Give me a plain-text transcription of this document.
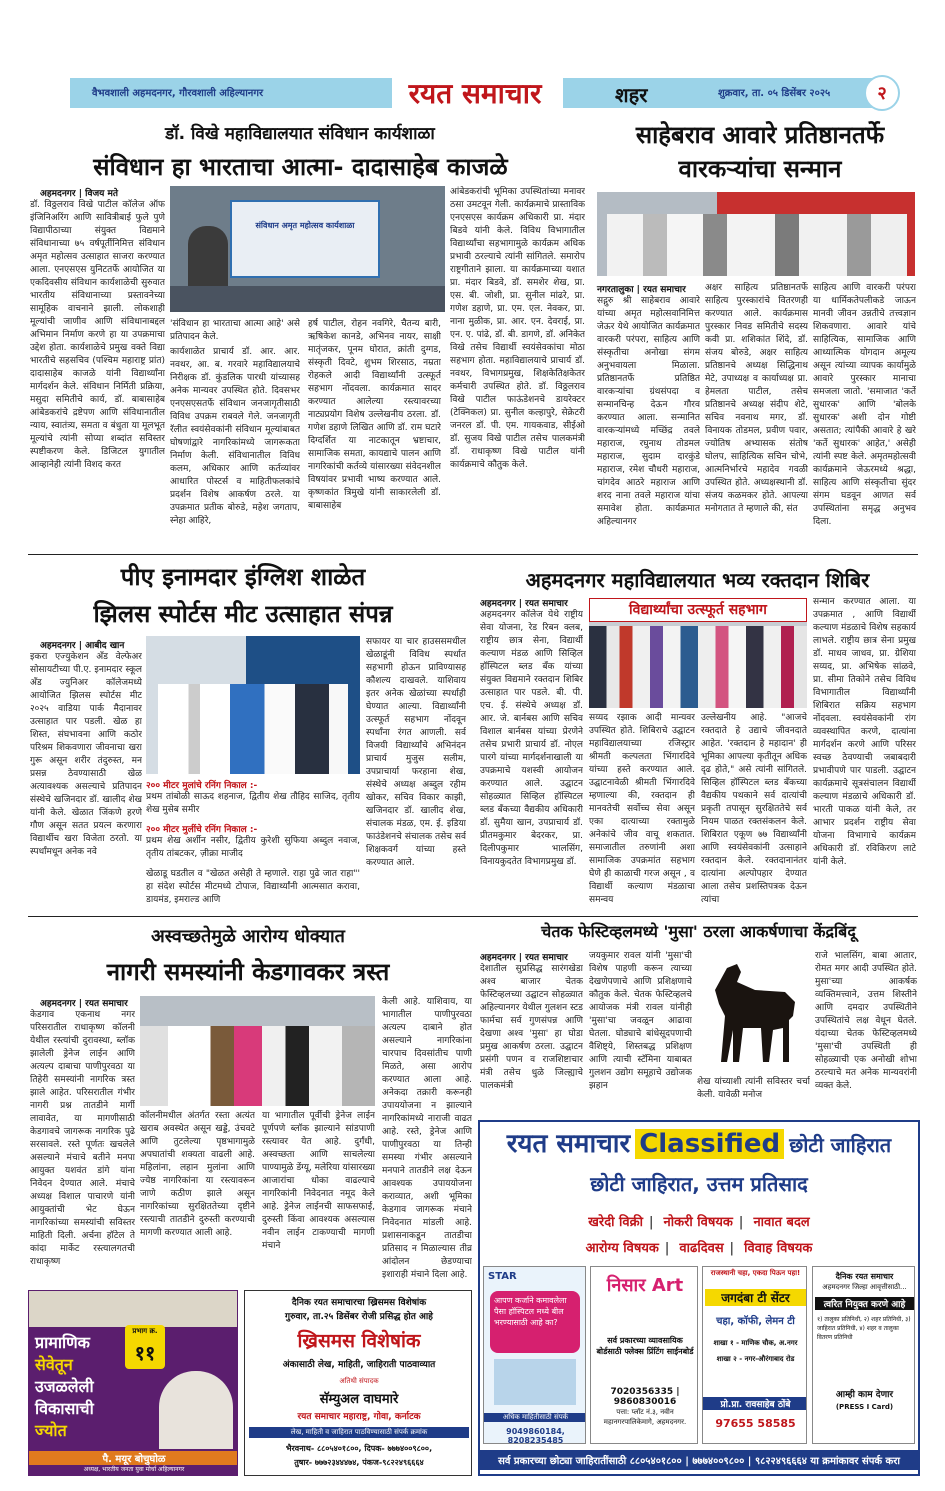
वैभवशाली अहमदनगर, गौरवशाली अहिल्यानगर	रयत समाचार	शहर	शुक्रवार, ता. ०५ डिसेंबर २०२५	२
डॉ. विखे महाविद्यालयात संविधान कार्यशाळा
संविधान हा भारताचा आत्मा- दादासाहेब काजळे
अहमदनगर | विजय मते
डॉ. विठ्ठलराव विखे पाटील कॉलेज ऑफ इंजिनिअरिंग आणि सावित्रीबाई फुले पुणे विद्यापीठाच्या संयुक्त विद्यमाने संविधानाच्या ७५ वर्षपूर्तीनिमित्त संविधान अमृत महोत्सव उत्साहात साजरा करण्यात आला. एनएसएस युनिटतर्फे आयोजित या एकदिवसीय संविधान कार्यशाळेची सुरुवात भारतीय संविधानाच्या प्रस्तावनेच्या सामूहिक वाचनाने झाली. लोकशाही मूल्यांची जाणीव आणि संविधानाबद्दल अभिमान निर्माण करणे हा या उपक्रमाचा उद्देश होता. कार्यशाळेचे प्रमुख वक्ते विद्या भारतीचे सहसचिव (पश्चिम महाराष्ट्र प्रांत) दादासाहेब काजळे यांनी विद्यार्थ्यांना मार्गदर्शन केले. संविधान निर्मिती प्रक्रिया, मसुदा समितीचे कार्य, डॉ. बाबासाहेब आंबेडकरांचे द्रष्टेपण आणि संविधानातील न्याय, स्वातंत्र्य, समता व बंधुता या मूलभूत मूल्यांचे त्यांनी सोप्या शब्दांत सविस्तर स्पष्टीकरण केले. डिजिटल युगातील आव्हानेही त्यांनी विशद करत
संविधान अमृत महोत्सव कार्यशाळा
'संविधान हा भारताचा आत्मा आहे' असे प्रतिपादन केले.
कार्यशाळेत प्राचार्य डॉ. आर. आर. नवथर, आ. ब. गरवारे महाविद्यालयाचे निरीक्षक डॉ. कुंडलिक पारधी यांच्यासह अनेक मान्यवर उपस्थित होते. दिवसभर एनएसएसतर्फे संविधान जनजागृतीसाठी विविध उपक्रम राबवले गेले. जनजागृती रॅलीत स्वयंसेवकांनी संविधान मूल्यांबाबत घोषणांद्वारे नागरिकांमध्ये जागरूकता निर्माण केली. संविधानातील विविध कलम, अधिकार आणि कर्तव्यांवर आधारित पोस्टर्स व माहितीफलकांचे प्रदर्शन विशेष आकर्षण ठरले. या उपक्रमात प्रतीक बोरुडे, महेश जगताप, स्नेहा आहिरे,
हर्ष पाटील, रोहन नवगिरे, चैतन्य बारी, ऋषिकेश कानडे, अभिनव नायर, साक्षी मातृंजकर, पूनम घोरात, क्रांती दुग्गड, संस्कृती दिवटे, शुभम शिरसाठ, नम्रता रोहकले आदी विद्यार्थ्यांनी उत्स्फूर्त सहभाग नोंदवला. कार्यक्रमात सादर करण्यात आलेल्या रस्त्यावरच्या नाट्यप्रयोग विशेष उल्लेखनीय ठरला. डॉ. गणेश डहाणे लिखित आणि डॉ. राम घटारे दिग्दर्शित या नाटकातून भ्रष्टाचार, सामाजिक समता, कायद्याचे पालन आणि नागरिकांची कर्तव्ये यांसारख्या संवेदनशील विषयांवर प्रभावी भाष्य करण्यात आले. कृष्णकांत त्रिमुखे यांनी साकारलेली डॉ. बाबासाहेब
आंबेडकरांची भूमिका उपस्थितांच्या मनावर ठसा उमटवून गेली. कार्यक्रमाचे प्रास्ताविक एनएसएस कार्यक्रम अधिकारी प्रा. मंदार बिडवे यांनी केले. विविध विभागातील विद्यार्थ्यांचा सहभागामुळे कार्यक्रम अधिक प्रभावी ठरल्याचे त्यांनी सांगितले. समारोप राष्ट्रगीताने झाला. या कार्यक्रमाच्या यशात प्रा. मंदार बिडवे, डॉ. समशेर शेख, प्रा. एस. बी. जोशी, प्रा. सुनील मांढरे, प्रा. गणेश डहाणे, प्रा. एम. एल. नेवकर, प्रा. नाना मुळीक, प्रा. आर. एन. देवराई, प्रा. एन. ए. पांढे, डॉ. बी. डागणे, डॉ. अनिकेत विखे तसेच विद्यार्थी स्वयंसेवकांचा मोठा सहभाग होता. महाविद्यालयाचे प्राचार्य डॉ. नवथर, विभागप्रमुख, शिक्षकेतिक्षकेतर कर्मचारी उपस्थित होते. डॉ. विठ्ठलराव विखे पाटील फाऊंडेशनचे डायरेक्टर (टेक्निकल) प्रा. सुनील कल्हापुरे, सेक्रेटरी जनरल डॉ. पी. एम. गायकवाड, सीईओ डॉ. सुजय विखे पाटील तसेच पालकमंत्री डॉ. राधाकृष्ण विखे पाटील यांनी कार्यक्रमाचे कौतुक केले.
साहेबराव आवारे प्रतिष्ठानतर्फे
वारकऱ्यांचा सन्मान
नगरतालुका | रयत समाचार
सद्गुरु श्री साहेबराव आवारे यांच्या अमृत महोत्सवानिमित्त जेऊर येथे आयोजित कार्यक्रमात वारकरी परंपरा, साहित्य आणि संस्कृतीचा अनोखा संगम अनुभवायला मिळाला. प्रतिष्ठानतर्फे प्रतिष्ठित वारकऱ्यांचा ग्रंथसंपदा व सन्मानचिन्ह देऊन गौरव करण्यात आला. सन्मानित वारकऱ्यांमध्ये मच्छिंद्र तवले महाराज, रघुनाथ तोडमल महाराज, सुदाम दारकुंडे महाराज, रमेश चौधरी महाराज, चांगदेव आठरे महाराज आणि शरद नाना तवले महाराज यांचा समावेश होता. कार्यक्रमात अहिल्यानगर
अक्षर साहित्य प्रतिष्ठानतर्फे साहित्य पुरस्कारांचे वितरणही करण्यात आले. कार्यक्रमास पुरस्कार निवड समितीचे सदस्य कवी प्रा. शशिकांत शिंदे, डॉ. संजय बोरुडे, अक्षर साहित्य प्रतिष्ठानचे अध्यक्ष सिद्धिनाथ मेटे, उपाध्यक्ष व कार्याध्यक्ष प्रा. हेमलता पाटील, तसेच प्रतिष्ठानचे अध्यक्ष संदीप शेटे, सचिव नवनाथ मगर, डॉ. विनायक तोडमल, प्रवीण पवार, ज्योतिष अभ्यासक संतोष घोलप, साहित्यिक सचिन चोभे, आत्मनिर्भारचे महादेव गवळी उपस्थित होते. अध्यक्षस्थानी डॉ. संजय कळमकर होते. आपल्या मनोगतात ते म्हणाले की, संत
साहित्य आणि वारकरी परंपरा या धार्मिकतेपलीकडे जाऊन मानवी जीवन उन्नतीचे तत्त्वज्ञान शिकवणारा. आवारे यांचे साहित्यिक, सामाजिक आणि आध्यात्मिक योगदान अमूल्य असून त्यांच्या व्यापक कार्यामुळे आवारे पुरस्कार मानाचा समजला जातो. 'समाजात 'कर्ते सुधारक' आणि 'बोलके सुधारक' अशी दोन गोष्टी असतात; त्यांपैकी आवारे हे खरे 'कर्ते सुधारक' आहेत,' असेही त्यांनी स्पष्ट केले. अमृतमहोत्सवी कार्यक्रमाने जेऊरमध्ये श्रद्धा, साहित्य आणि संस्कृतीचा सुंदर संगम घडवून आणत सर्व उपस्थितांना समृद्ध अनुभव दिला.
पीए इनामदार इंग्लिश शाळेत
झिलस स्पोर्टस मीट उत्साहात संपन्न
अहमदनगर | आबीद खान
इकरा एज्युकेशन अँड वेल्फेअर सोसायटीच्या पी.ए. इनामदार स्कूल अँड ज्युनिअर कॉलेजमध्ये आयोजित झिलस स्पोर्टस मीट २०२५ वाडिया पार्क मैदानावर उत्साहात पार पडली. खेळ हा शिस्त, संघभावना आणि कठोर परिश्रम शिकवणारा जीवनाचा खरा गुरू असून शरीर तंदुरुस्त, मन प्रसन्न ठेवण्यासाठी खेळ अत्यावश्यक असल्याचे प्रतिपादन संस्थेचे खजिनदार डॉ. खालीद शेख यांनी केले. खेळात जिंकणे हरणे गौण असून सतत प्रयत्न करणारा विद्यार्थीच खरा विजेता ठरतो. या स्पर्धांमधून अनेक नवे
२०० मीटर मुलांचे रनिंग निकाल :-
प्रथम तांबोळी साऊद शहनाज, द्वितीय शेख तौहिद साजिद, तृतीय शेख मुसेब समीर
२०० मीटर मुलींचे रनिंग निकाल :-
प्रथम शेख अर्शीन नसीर, द्वितीय कुरेशी सुफिया अब्दुल नवाज, तृतीय तांबटकर, ज़ीक्रा माजीद
खेळाडू घडतील व "खेळत असेही ते म्हणाले. राहा पुढे जात राहा"' हा संदेश स्पोर्टस मीटमध्ये टोपाज, विद्यार्थ्यांनी आत्मसात करावा, डायमंड, इमराल्ड आणि
सफायर या चार हाउससमधील खेळाडूंनी विविध स्पर्धात सहभागी होऊन प्राविण्यासह कौशल्य दाखवले. याशिवाय इतर अनेक खेळांच्या स्पर्धाही घेण्यात आल्या. विद्यार्थ्यांनी उत्स्फूर्त सहभाग नोंदवून स्पर्धांना रंगत आणली. सर्व विजयी विद्यार्थ्यांचे अभिनंदन प्राचार्य मुजुस सलीम, उपप्राचार्या फरहाना शेख, संस्थेचे अध्यक्ष अब्दुल रहीम खोकर, सचिव विकार काझी, खजिनदार डॉ. खालीद शेख, संचालक मंडळ, एम. ई. इडिया फाउंडेशनचे संचालक तसेच सर्व शिक्षकवर्ग यांच्या हस्ते करण्यात आले.
अहमदनगर महाविद्यालयात भव्य रक्तदान शिबिर
अहमदनगर | रयत समाचार
अहमदनगर कॉलेज येथे राष्ट्रीय सेवा योजना, रेड रिबन क्लब, राष्ट्रीय छात्र सेना, विद्यार्थी कल्याण मंडळ आणि सिव्हिल हॉस्पिटल ब्लड बँक यांच्या संयुक्त विद्यमाने रक्तदान शिबिर उत्साहात पार पडले. बी. पी. एच. ई. संस्थेचे अध्यक्ष डॉ. आर. जे. बार्नबस आणि सचिव विशाल बार्नबस यांच्या प्रेरणेने तसेच प्रभारी प्राचार्य डॉ. नोएल पारगे यांच्या मार्गदर्शनाखाली या उपक्रमाचे यशस्वी आयोजन करण्यात आले. उद्घाटन सोहळ्यात सिव्हिल हॉस्पिटल ब्लड बँकच्या वैद्यकीय अधिकारी डॉ. सुमैया खान, उपप्राचार्य डॉ. प्रीतमकुमार बेदरकर, प्रा. दिलीपकुमार भालसिंग, विनायकुदतेत विभागप्रमुख डॉ.
विद्यार्थ्यांचा उत्स्फूर्त सहभाग
सय्यद रझाक आदी मान्यवर उपस्थित होते. शिबिराचे उद्घाटन महाविद्यालयाच्या रजिस्ट्रार श्रीमती कल्पलता भिंगारदिवे यांच्या हस्ते करण्यात आले. उद्घाटनावेळी श्रीमती भिंगारदिवे म्हणाल्या की, रक्तदान ही मानवतेची सर्वोच्च सेवा असून एका दात्याच्या रक्तामुळे अनेकांचे जीव वाचू शकतात. समाजातील तरुणांनी अशा सामाजिक उपक्रमांत सहभाग घेणे ही काळाची गरज असून , व विद्यार्थी कल्याण मंडळाचा समन्वय
उल्लेखनीय आहे. "आजचे रक्तदाते हे उद्याचे जीवनदाते आहेत. 'रक्तदान हे महादान' ही भूमिका आपल्या कृतीतून अधिक दृढ होते," असे त्यांनी सांगितले. सिव्हिल हॉस्पिटल ब्लड बँकच्या वैद्यकीय पथकाने सर्व दात्यांची प्रकृती तपासून सुरक्षिततेचे सर्व नियम पाळत रक्तसंकलन केले. शिबिरात एकूण ७७ विद्यार्थ्यांनी आणि स्वयंसेवकांनी उत्साहाने रक्तदान केले. रक्तदानानंतर दात्यांना अल्पोपहार देण्यात आला तसेच प्रशस्तिपत्रक देऊन त्यांचा
सन्मान करण्यात आला. या उपक्रमात , आणि विद्यार्थी कल्याण मंडळाचे विशेष सहकार्य लाभले. राष्ट्रीय छात्र सेना प्रमुख डॉ. माधव जाधव, प्रा. ग्रेशिया सय्यद, प्रा. अभिषेक सांळवे, प्रा. सीमा तिकोने तसेच विविध विभागातील विद्यार्थ्यांनी शिबिरात सक्रिय सहभाग नोंदवला. स्वयंसेवकांनी रांग व्यवस्थापित करणे, दात्यांना मार्गदर्शन करणे आणि परिसर स्वच्छ ठेवण्याची जबाबदारी प्रभावीपणे पार पाडली. उद्घाटन कार्यक्रमाचे सूत्रसंचालन विद्यार्थी कल्याण मंडळाचे अधिकारी डॉ. भारती पाकळ यांनी केले, तर आभार प्रदर्शन राष्ट्रीय सेवा योजना विभागाचे कार्यक्रम अधिकारी डॉ. रविकिरण लाटे यांनी केले.
अस्वच्छतेमुळे आरोग्य धोक्यात
नागरी समस्यांनी केडगावकर त्रस्त
अहमदनगर | रयत समाचार
केडगाव एकनाथ नगर परिसरातील राधाकृष्ण कॉलनी येथील रस्त्यांची दुरावस्था, ब्लॉक झालेली ड्रेनेज लाईन आणि अत्यल्प दाबाचा पाणीपुरवठा या तिहेरी समस्यांनी नागरिक त्रस्त झाले आहेत. परिसरातील गंभीर नागरी प्रश्न तातडीने मार्गी लावावेत, या मागणीसाठी केडगावचे जागरूक नागरिक पुढे सरसावले. रस्ते पूर्णतः खचलेले असल्याने मंचाचे बतीने मनपा आयुक्त यशवंत डांगे यांना निवेदन देण्यात आले. मंचाचे अध्यक्ष विशाल पाचारणे यांनी आयुक्तांची भेट घेऊन नागरिकांच्या समस्यांची सविस्तर माहिती दिली. अर्चना हॉटेल ते कांदा मार्केट रस्त्यालगतची राधाकृष्ण
कॉलनीमधील अंतर्गत रस्ता अत्यंत खराब अवस्थेत असून खड्डे, उंचवटे आणि तुटलेल्या पृष्ठभागामुळे अपघातांची शक्यता वाढली आहे. महिलांना, लहान मुलांना आणि ज्येष्ठ नागरिकांना या रस्त्यावरून जाणे कठीण झाले असून नागरिकांच्या सुरक्षिततेच्या दृष्टीने रस्त्याची तातडीने दुरुस्ती करण्याची मागणी करण्यात आली आहे.
या भागातील पूर्वीची ड्रेनेज लाईन पूर्णपणे ब्लॉक झाल्याने सांडपाणी रस्त्यावर येत आहे. दुर्गंधी, अस्वच्छता आणि साचलेल्या पाण्यामुळे डेंग्यू, मलेरिया यांसारख्या आजारांचा धोका वाढल्याचे नागरिकांनी निवेदनात नमूद केले आहे. ड्रेनेज लाईनची साफसफाई, दुरुस्ती किंवा आवश्यक असल्यास नवीन लाईन टाकण्याची मागणी मंचाने
केली आहे. याशिवाय, या भागातील पाणीपुरवठा अत्यल्प दाबाने होत असल्याने नागरिकांना चारपाच दिवसांतीच पाणी मिळते, असा आरोप करण्यात आला आहे. अनेकदा तक्रारी करूनही उपाययोजना न झाल्याने नागरिकांमध्ये नाराजी वाढत आहे. रस्ते, ड्रेनेज आणि पाणीपुरवठा या तिन्ही समस्या गंभीर असल्याने मनपाने तातडीने लक्ष देऊन आवश्यक उपाययोजना कराव्यात, अशी भूमिका केडगाव जागरूक मंचाने निवेदनात मांडली आहे. प्रशासनाकडून तातडीचा प्रतिसाद न मिळाल्यास तीव्र आंदोलन छेडण्याचा इशाराही मंचाने दिला आहे.
चेतक फेस्टिव्हलमध्ये 'मुसा' ठरला आकर्षणाचा केंद्रबिंदू
अहमदनगर | रयत समाचार
देशातील सुप्रसिद्ध सारंगखेडा अश्व बाजार चेतक फेस्टिव्हलच्या उद्घाटन सोहळ्यात अहिल्यानगर येथील गुलशन स्टड फार्मचा सर्व गुणसंपन्न आणि देखणा अश्व 'मुसा' हा घोडा प्रमुख आकर्षण ठरला. उद्घाटन प्रसंगी पणन व राजशिष्टाचार मंत्री तसेच धुळे जिल्ह्याचे पालकमंत्री
जयकुमार रावल यांनी 'मुसा'ची विशेष पाहणी करून त्याच्या देखणेपणाचे आणि प्रशिक्षणाचे कौतुक केले. चेतक फेस्टिव्हलचे आयोजक मंत्री रावल यांनीही 'मुसा'चा जवळून आढावा घेतला. घोड्याचे बांधेसूदपणाची वैशिष्ट्ये, शिस्तबद्ध प्रशिक्षण आणि त्याची स्टॅमिना याबाबत गुलशन उद्योग समूहाचे उद्योजक झहान	शेख यांच्याशी त्यांनी सविस्तर चर्चा केली. यावेळी मनोज
राजे भालसिंग, बाबा आतार, रोमत मगर आदी उपस्थित होते. मुसा'च्या आकर्षक व्यक्तिमत्त्वाने, उत्तम शिस्तीने आणि दमदार उपस्थितीने उपस्थितांचे लक्ष वेधून घेतले. यंदाच्या चेतक फेस्टिव्हलमध्ये 'मुसा'ची उपस्थिती ही सोहळ्याची एक अनोखी शोभा ठरल्याचे मत अनेक मान्यवरांनी व्यक्त केले.
रयत समाचार Classified छोटी जाहिरात
छोटी जाहिरात, उत्तम प्रतिसाद
खरेदी विक्री | नोकरी विषयक | नावात बदल
आरोग्य विषयक | वाढदिवस | विवाह विषयक
STAR
आपण कर्जाने कमावलेला पैसा हॉस्पिटल मध्ये बील भरण्यासाठी आहे का?
अधिक माहितीसाठी संपर्क
9049860184, 8208235485
निसार Art
सर्व प्रकारच्या व्यावसायिक बोर्डसाठी फ्लेक्स प्रिंटिंग साईनबोर्ड
7020356335 | 9860830016
पत्ता: प्लॉट नं.३, नवीन महानगरपालिकेमागे, अहमदनगर.
राजस्थानी चहा, एकदा पिऊन पहा!
जगदंबा टी सेंटर
चहा, कॉफी, लेमन टी
शाखा १ - माणिक चौक, अ.नगर
शाखा २ - नगर-औरंगाबाद रोड
प्रो.प्रा. रावसाहेब ठोंबे
97655 58585
दैनिक रयत समाचार
अहमदनगर जिल्हा आवृत्तीसाठी...
त्वरित नियुक्त करणे आहे
१) तालुका प्रतिनिधी, २) शहर प्रतिनिधी, ३) जाहिरात प्रतिनिधी, ४) शहर व तालुका वितरण प्रतिनिधी
आम्ही काम देणार
(PRESS I Card)
सर्व प्रकारच्या छोट्या जाहिरातींसाठी ८८०५४०१८०० | ७७७४००९८०० | ९८२२४९६६६४ या क्रमांकावर संपर्क करा
प्रभाग क्र.
११
प्रामाणिक
सेवेतून
उजळलेली
विकासाची
ज्योत
पै. मयूर बोचुघोळ
अध्यक्ष, भारतीय जनता युवा मोर्चा अहिल्यानगर
दैनिक रयत समाचारचा ख्रिसमस विशेषांक
गुरुवार, ता.२५ डिसेंबर रोजी प्रसिद्ध होत आहे
ख्रिसमस विशेषांक
अंकासाठी लेख, माहिती, जाहिराती पाठवाव्यात
अतिथी संपादक
सॅम्युअल वाघमारे
रयत समाचार महाराष्ट्र, गोवा, कर्नाटक
लेख, माहिती व जाहिरात पाठविण्यासाठी संपर्क क्रमांक
भैरवनाथ- ८८०५४०१८००, दिपक- ७७७४००९८००,
तुषार- ७७७२३४४४७४, पंकज-९८२२४९६६६४
